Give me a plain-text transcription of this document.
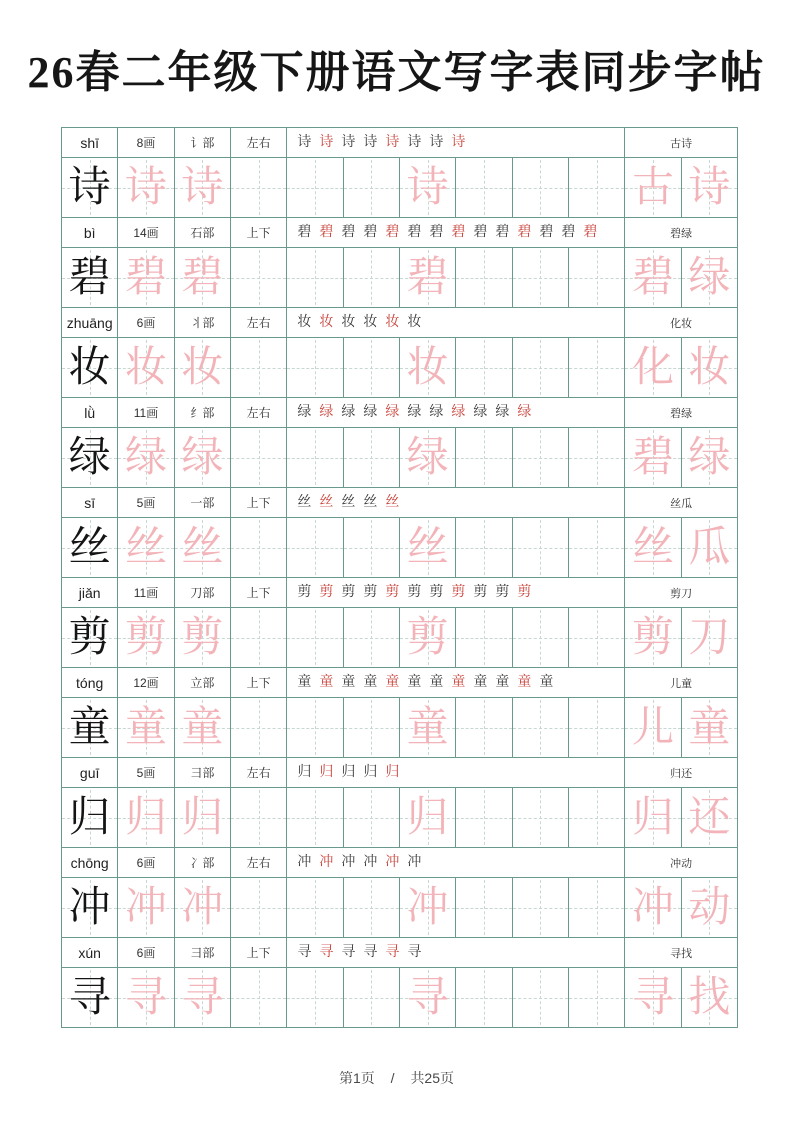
26春二年级下册语文写字表同步字帖
shī	8画	讠部	左右	诗 诗 诗 诗 诗 诗 诗 诗	古诗
诗 诗 诗	诗	古 诗
bì	14画	石部	上下	碧 碧 碧 碧 碧 碧 碧 碧 碧 碧 碧 碧 碧 碧	碧绿
碧 碧 碧	碧	碧 绿
zhuāng	6画	丬部	左右	妆 妆 妆 妆 妆 妆	化妆
妆 妆 妆	妆	化 妆
lǜ	11画	纟部	左右	绿 绿 绿 绿 绿 绿 绿 绿 绿 绿 绿	碧绿
绿 绿 绿	绿	碧 绿
sī	5画	一部	上下	丝 丝 丝 丝 丝	丝瓜
丝 丝 丝	丝	丝 瓜
jiǎn	11画	刀部	上下	剪 剪 剪 剪 剪 剪 剪 剪 剪 剪 剪	剪刀
剪 剪 剪	剪	剪 刀
tóng	12画	立部	上下	童 童 童 童 童 童 童 童 童 童 童 童	儿童
童 童 童	童	儿 童
guī	5画	彐部	左右	归 归 归 归 归	归还
归 归 归	归	归 还
chōng	6画	冫部	左右	冲 冲 冲 冲 冲 冲	冲动
冲 冲 冲	冲	冲 动
xún	6画	彐部	上下	寻 寻 寻 寻 寻 寻	寻找
寻 寻 寻	寻	寻 找
第1页 / 共25页
